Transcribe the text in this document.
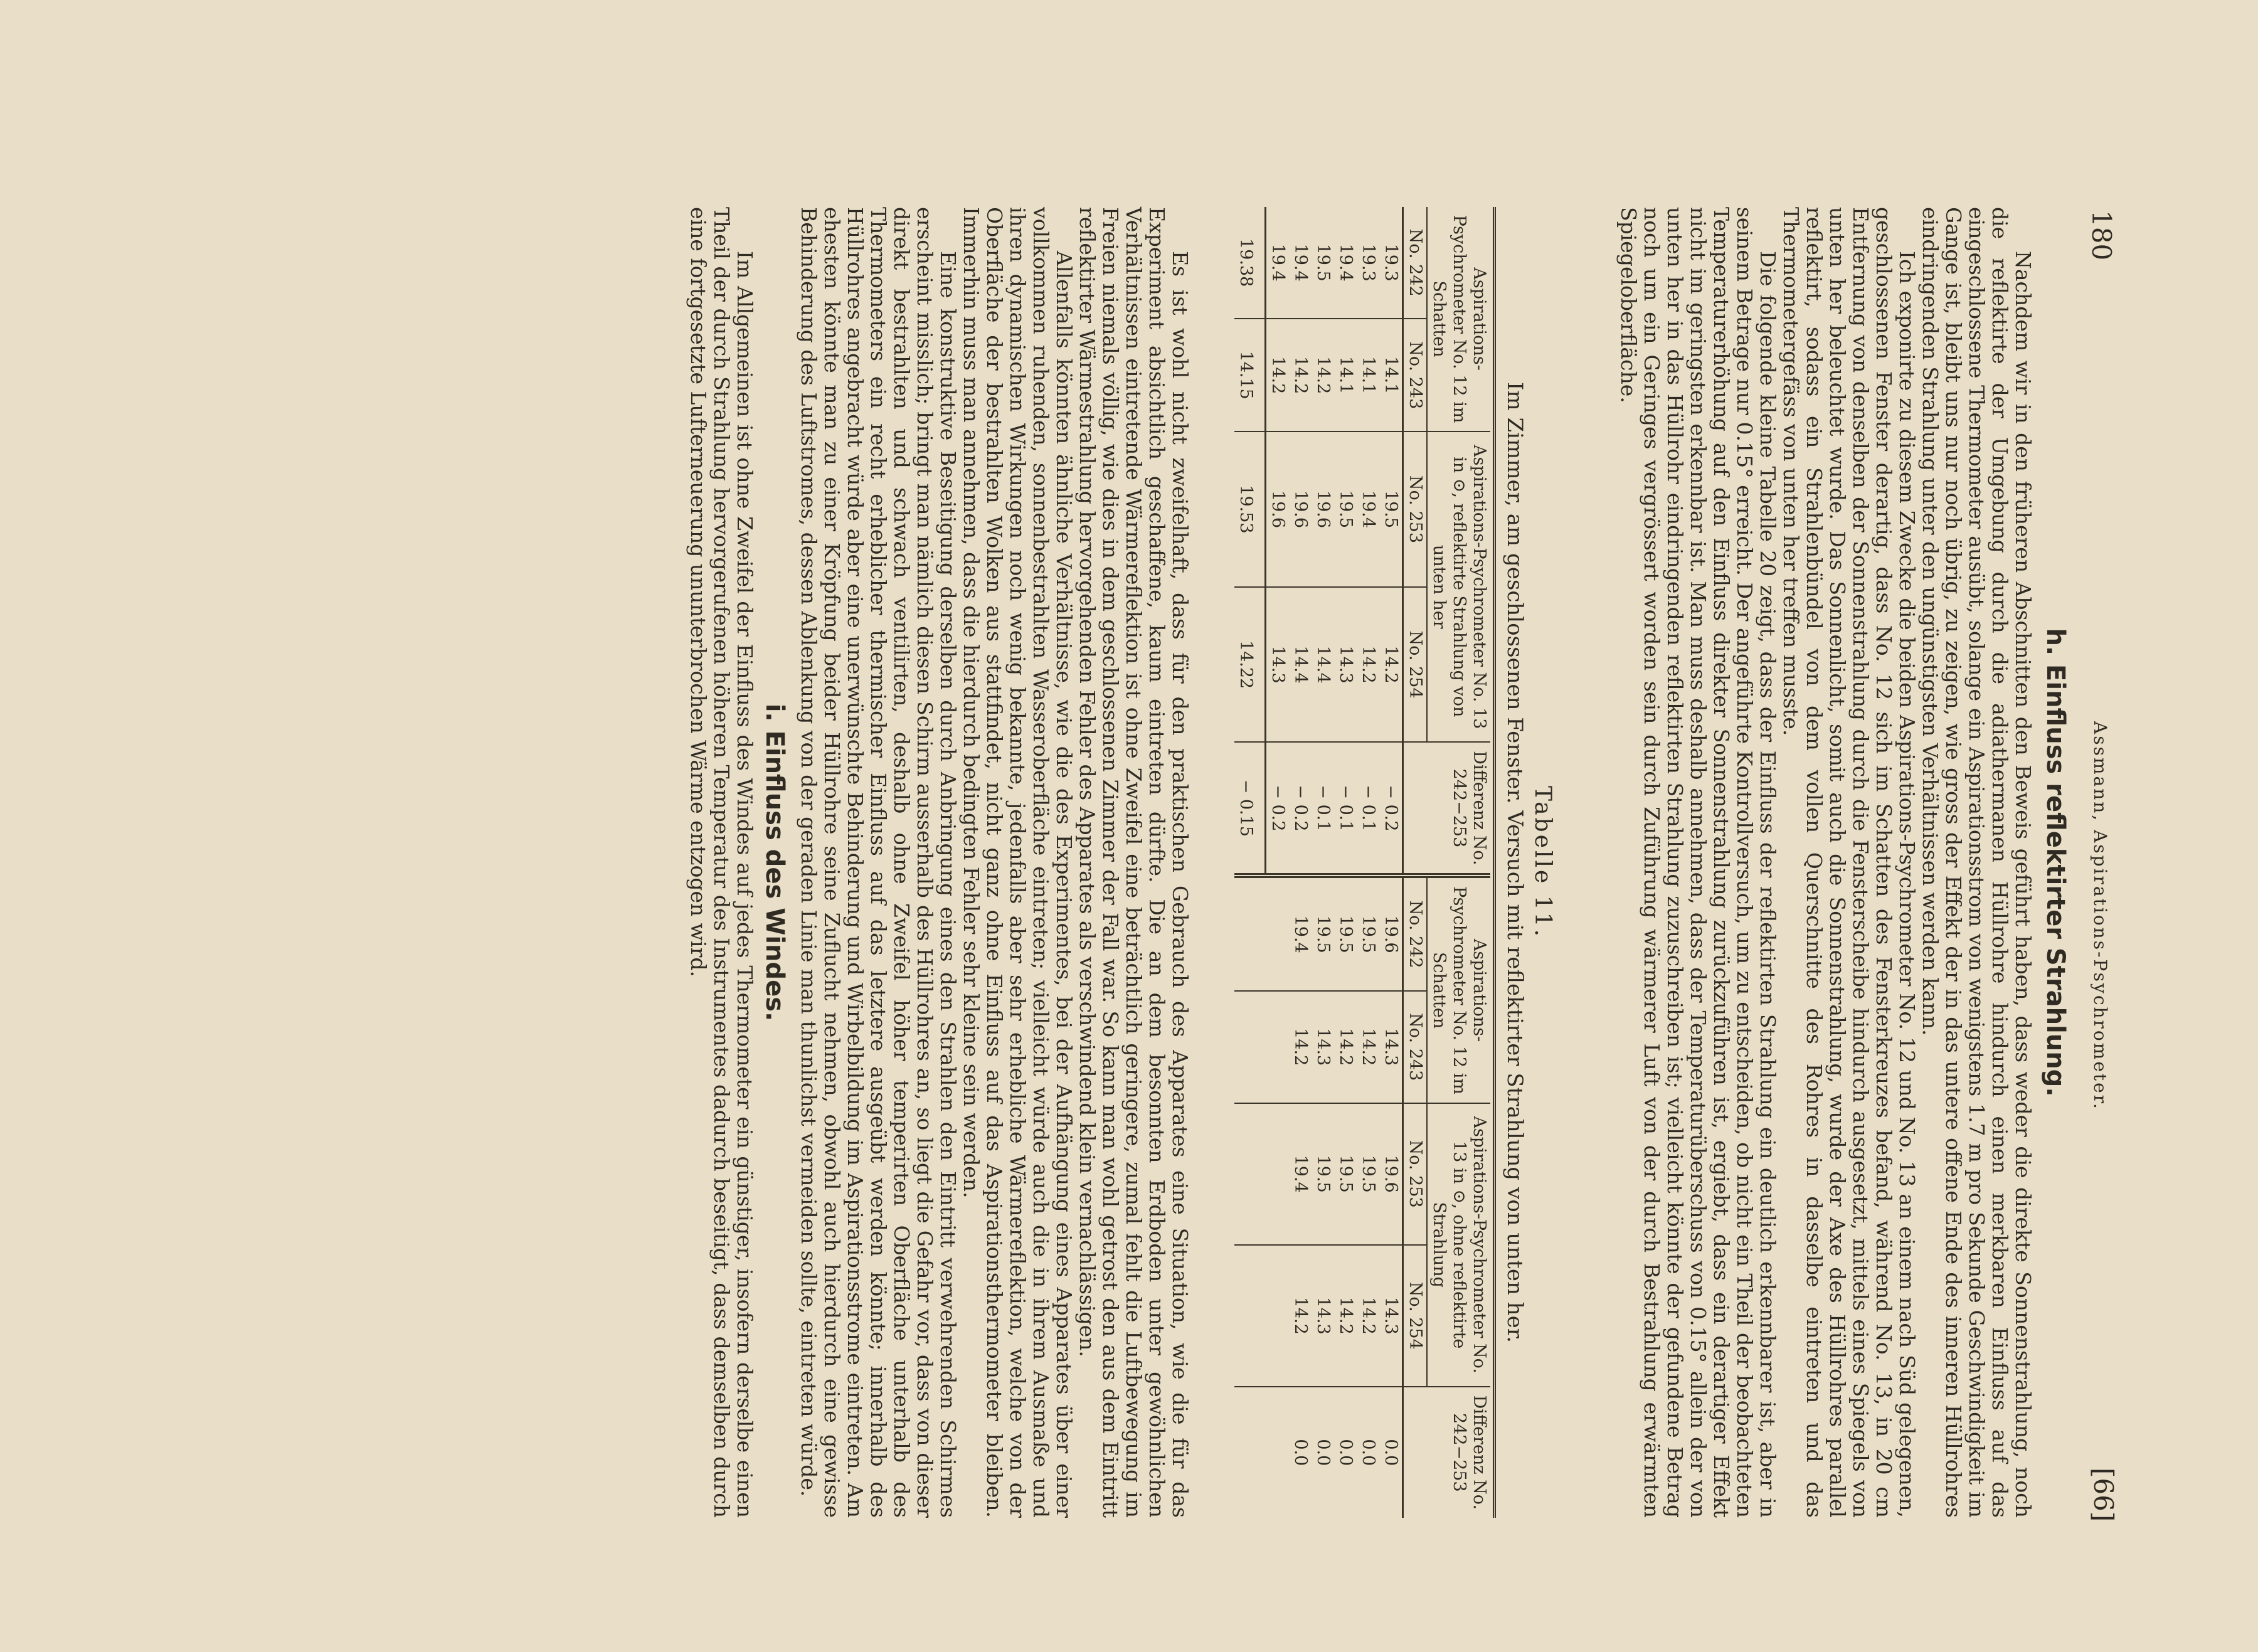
180
Assmann, Aspirations-Psychrometer.
[66]
h. Einfluss reflektirter Strahlung.

Nachdem wir in den früheren Abschnitten den Beweis geführt haben, dass weder die direkte Sonnenstrahlung, noch die reflektirte der Umgebung durch die adiathermanen Hüllrohre hindurch einen merkbaren Einfluss auf das eingeschlossene Thermometer ausübt, solange ein Aspirationsstrom von wenigstens 1.7 m pro Sekunde Geschwindigkeit im Gange ist, bleibt uns nur noch übrig, zu zeigen, wie gross der Effekt der in das untere offene Ende des inneren Hüllrohres eindringenden Strahlung unter den ungünstigsten Verhältnissen werden kann.

Ich exponirte zu diesem Zwecke die beiden Aspirations-Psychrometer No. 12 und No. 13 an einem nach Süd gelegenen, geschlossenen Fenster derartig, dass No. 12 sich im Schatten des Fensterkreuzes befand, während No. 13, in 20 cm Entfernung von denselben der Sonnenstrahlung durch die Fensterscheibe hindurch ausgesetzt, mittels eines Spiegels von unten her beleuchtet wurde. Das Sonnenlicht, somit auch die Sonnenstrahlung, wurde der Axe des Hüllrohres parallel reflektirt, sodass ein Strahlenbündel von dem vollen Querschnitte des Rohres in dasselbe eintreten und das Thermometergefäss von unten her treffen musste.

Die folgende kleine Tabelle 20 zeigt, dass der Einfluss der reflektirten Strahlung ein deutlich erkennbarer ist, aber in seinem Betrage nur 0.15° erreicht. Der angeführte Kontrollversuch, um zu entscheiden, ob nicht ein Theil der beobachteten Temperaturerhöhung auf den Einfluss direkter Sonnenstrahlung zurückzuführen ist, ergiebt, dass ein derartiger Effekt nicht im geringsten erkennbar ist. Man muss deshalb annehmen, dass der Temperaturüberschuss von 0.15° allein der von unten her in das Hüllrohr eindringenden reflektirten Strahlung zuzuschreiben ist; vielleicht könnte der gefundene Betrag noch um ein Geringes vergrössert worden sein durch Zuführung wärmerer Luft von der durch Bestrahlung erwärmten Spiegeloberfläche.

Tabelle 11.
Im Zimmer, am geschlossenen Fenster. Versuch mit reflektirter Strahlung von unten her.
Aspirations-Psychrometer No. 12 im Schatten		Aspirations-Psychrometer No. 13 in ⊙, reflektirte Strahlung von unten her		Differenz No. 242−253	Aspirations-Psychrometer No. 12 im Schatten		Aspirations-Psychrometer No. 13 in ⊙, ohne reflektirte Strahlung		Differenz No. 242−253
No. 242	No. 243	No. 253	No. 254		No. 242	No. 243	No. 253	No. 254	
19.3	14.1	19.5	14.2	− 0.2	19.6	14.3	19.6	14.3	0.0
19.3	14.1	19.4	14.2	− 0.1	19.5	14.2	19.5	14.2	0.0
19.4	14.1	19.5	14.3	− 0.1	19.5	14.2	19.5	14.2	0.0
19.5	14.2	19.6	14.4	− 0.1	19.5	14.3	19.5	14.3	0.0
19.4	14.2	19.6	14.4	− 0.2	19.4	14.2	19.4	14.2	0.0
19.4	14.2	19.6	14.3	− 0.2					
19.38	14.15	19.53	14.22	− 0.15					

Es ist wohl nicht zweifelhaft, dass für den praktischen Gebrauch des Apparates eine Situation, wie die für das Experiment absichtlich geschaffene, kaum eintreten dürfte. Die an dem besonnten Erdboden unter gewöhnlichen Verhältnissen eintretende Wärmereflektion ist ohne Zweifel eine beträchtlich geringere, zumal fehlt die Luftbewegung im Freien niemals völlig, wie dies in dem geschlossenen Zimmer der Fall war. So kann man wohl getrost den aus dem Eintritt reflektirter Wärmestrahlung hervorgehenden Fehler des Apparates als verschwindend klein vernachlässigen.

Allenfalls könnten ähnliche Verhältnisse, wie die des Experimentes, bei der Aufhängung eines Apparates über einer vollkommen ruhenden, sonnenbestrahlten Wasseroberfläche eintreten; vielleicht würde auch die in ihrem Ausmaße und ihren dynamischen Wirkungen noch wenig bekannte, jedenfalls aber sehr erhebliche Wärmereflektion, welche von der Oberfläche der bestrahlten Wolken aus stattfindet, nicht ganz ohne Einfluss auf das Aspirationsthermometer bleiben. Immerhin muss man annehmen, dass die hierdurch bedingten Fehler sehr kleine sein werden.

Eine konstruktive Beseitigung derselben durch Anbringung eines den Strahlen den Eintritt verwehrenden Schirmes erscheint misslich; bringt man nämlich diesen Schirm ausserhalb des Hüllrohres an, so liegt die Gefahr vor, dass von dieser direkt bestrahlten und schwach ventilirten, deshalb ohne Zweifel höher temperirten Oberfläche unterhalb des Thermometers ein recht erheblicher thermischer Einfluss auf das letztere ausgeübt werden könnte; innerhalb des Hüllrohres angebracht würde aber eine unerwünschte Behinderung und Wirbelbildung im Aspirationsstrome eintreten. Am ehesten könnte man zu einer Kröpfung beider Hüllrohre seine Zuflucht nehmen, obwohl auch hierdurch eine gewisse Behinderung des Luftstromes, dessen Ablenkung von der geraden Linie man thunlichst vermeiden sollte, eintreten würde.

i. Einfluss des Windes.

Im Allgemeinen ist ohne Zweifel der Einfluss des Windes auf jedes Thermometer ein günstiger, insofern derselbe einen Theil der durch Strahlung hervorgerufenen höheren Temperatur des Instrumentes dadurch beseitigt, dass demselben durch eine fortgesetzte Lufterneuerung ununterbrochen Wärme entzogen wird.
